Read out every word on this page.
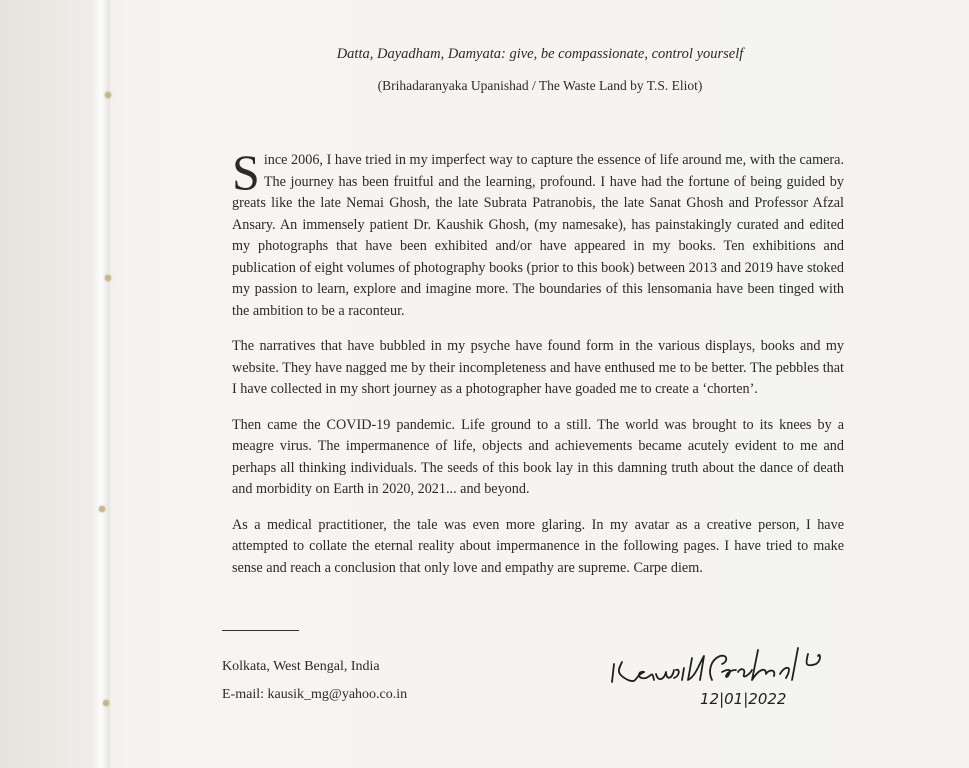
Datta, Dayadham, Damyata: give, be compassionate, control yourself
(Brihadaranyaka Upanishad / The Waste Land by T.S. Eliot)

Since 2006, I have tried in my imperfect way to capture the essence of life around me, with the camera. The journey has been fruitful and the learning, profound. I have had the fortune of being guided by greats like the late Nemai Ghosh, the late Subrata Patranobis, the late Sanat Ghosh and Professor Afzal Ansary. An immensely patient Dr. Kaushik Ghosh, (my namesake), has painstakingly curated and edited my photographs that have been exhibited and/or have appeared in my books. Ten exhibitions and publication of eight volumes of photography books (prior to this book) between 2013 and 2019 have stoked my passion to learn, explore and imagine more. The boundaries of this lensomania have been tinged with the ambition to be a raconteur.

The narratives that have bubbled in my psyche have found form in the various displays, books and my website. They have nagged me by their incompleteness and have enthused me to be better. The pebbles that I have collected in my short journey as a photographer have goaded me to create a ‘chorten’.

Then came the COVID-19 pandemic. Life ground to a still. The world was brought to its knees by a meagre virus. The impermanence of life, objects and achievements became acutely evident to me and perhaps all thinking individuals. The seeds of this book lay in this damning truth about the dance of death and morbidity on Earth in 2020, 2021... and beyond.

As a medical practitioner, the tale was even more glaring. In my avatar as a creative person, I have attempted to collate the eternal reality about impermanence in the following pages. I have tried to make sense and reach a conclusion that only love and empathy are supreme. Carpe diem.

Kolkata, West Bengal, India
E-mail: kausik_mg@yahoo.co.in	12|01|2022
